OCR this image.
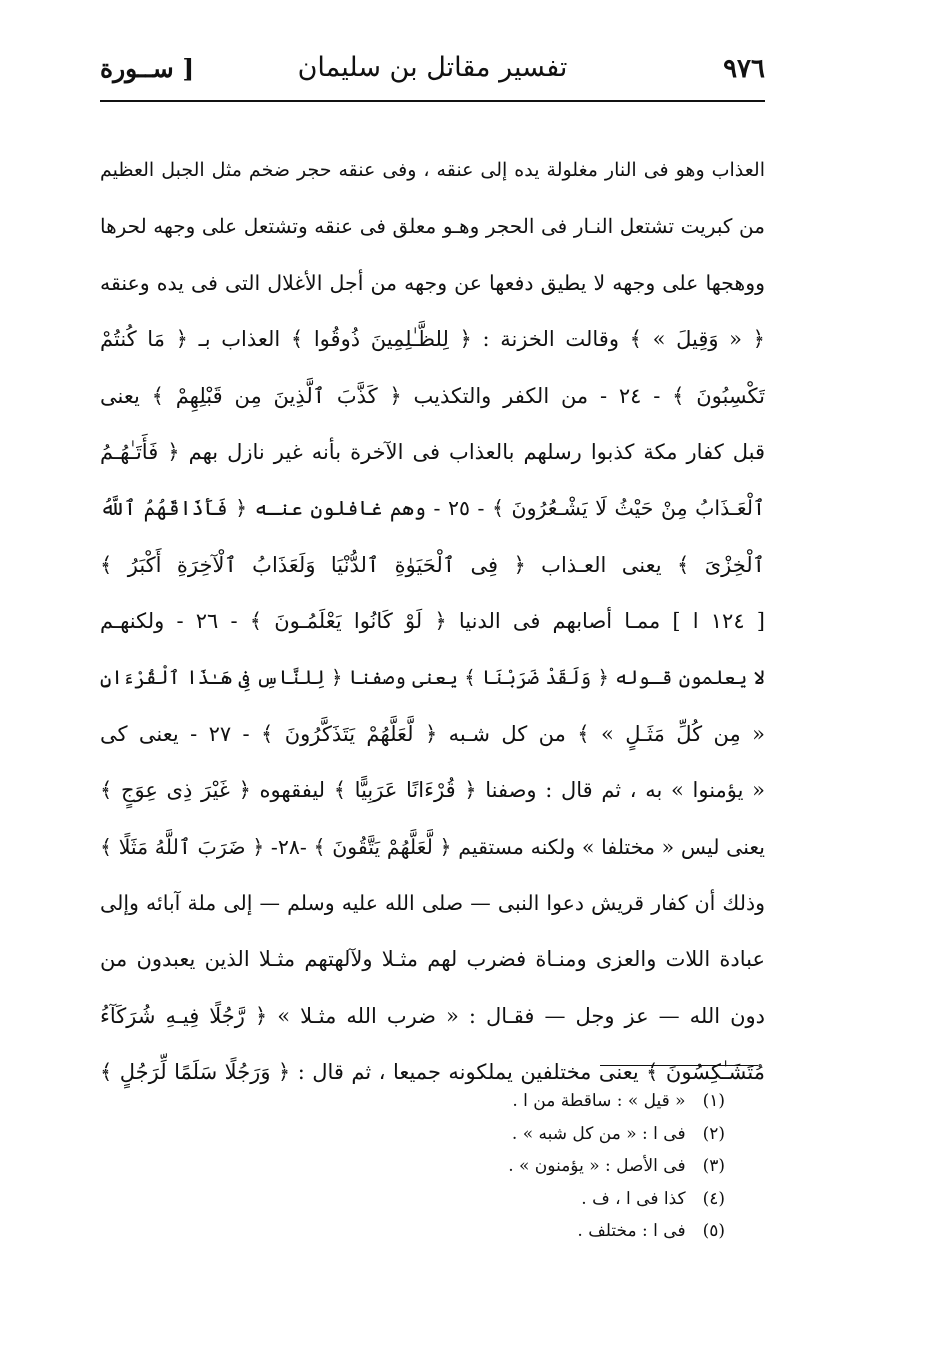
٩٧٦
تفسير مقاتل بن سليمان
[ ســورة
العذاب وهو فى النار مغلولة يده إلى عنقه ، وفى عنقه حجر ضخم مثل الجبل العظيم
من كبريت تشتعل النـار فى الحجر وهـو معلق فى عنقه وتشتعل على وجهه لحرها
ووهجها على وجهه لا يطيق دفعها عن وجهه من أجل الأغلال التى فى يده وعنقه
﴿ « وَقِيلَ » ﴾ وقالت الخزنة : ﴿ لِلظَّـٰلِمِينَ ذُوقُوا ﴾ العذاب بـ ﴿ مَا كُنتُمْ
تَكْسِبُونَ ﴾ - ٢٤ - من الكفر والتكذيب ﴿ كَذَّبَ ٱلَّذِينَ مِن قَبْلِهِمْ ﴾ يعنى
قبل كفار مكة كذبوا رسلهم بالعذاب فى الآخرة بأنه غير نازل بهم ﴿ فَأَتَـٰهُـمُ
ٱلْعَـذَابُ مِنْ حَيْثُ لَا يَشْـعُرُونَ ﴾ - ٢٥ - وهم غافلون عنـه ﴿ فَأَذَاقَهُمُ ٱللَّهُ
ٱلْخِزْىَ ﴾ يعنى العـذاب ﴿ فِى ٱلْحَيَوٰةِ ٱلدُّنْيَا وَلَعَذَابُ ٱلْآخِرَةِ أَكْبَرُ ﴾
[ ١٢٤ ا ] ممـا أصابهم فى الدنيا ﴿ لَوْ كَانُوا يَعْلَمُـونَ ﴾ - ٢٦ - ولكنهـم
لا يعلمون قـوله ﴿ وَلَقَدْ ضَرَبْنَا ﴾ يعنى وصفنا ﴿ لِلنَّاسِ فِى هَـٰذَا ٱلْقُرْءَانِ
« مِن كُلِّ مَثَـلٍ » ﴾ من كل شـبه ﴿ لَّعَلَّهُمْ يَتَذَكَّرُونَ ﴾ - ٢٧ - يعنى كى
« يؤمنوا » به ، ثم قال : وصفنا ﴿ قُرْءَانًا عَرَبِيًّا ﴾ ليفقهوه ﴿ غَيْرَ ذِى عِوَجٍ ﴾
يعنى ليس « مختلفا » ولكنه مستقيم ﴿ لَّعَلَّهُمْ يَتَّقُونَ ﴾ -٢٨- ﴿ ضَرَبَ ٱللَّهُ مَثَلًا ﴾
وذلك أن كفار قريش دعوا النبى — صلى الله عليه وسلم — إلى ملة آبائه وإلى
عبادة اللات والعزى ومنـاة فضرب لهم مثـلا ولآلهتهم مثـلا الذين يعبدون من
دون الله — عز وجل — فقـال : « ضرب الله مثـلا » ﴿ رَّجُلًا فِيـهِ شُرَكَآءُ
مُتَشَـٰكِسُونَ ﴾ يعنى مختلفين يملكونه جميعا ، ثم قال : ﴿ وَرَجُلًا سَلَمًا لِّرَجُلٍ ﴾
(١) « قيل » : ساقطة من ا .
(٢) فى ا : « من كل شبه » .
(٣) فى الأصل : « يؤمنون » .
(٤) كذا فى ا ، ف .
(٥) فى ا : مختلف .
